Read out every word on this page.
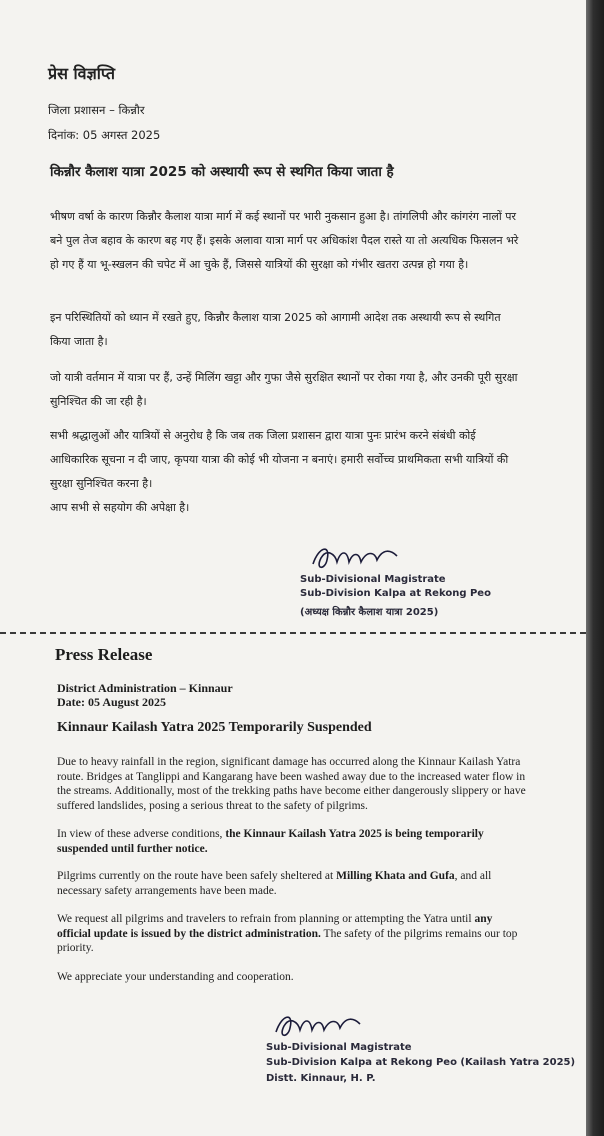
प्रेस विज्ञप्ति
जिला प्रशासन – किन्नौर
दिनांक: 05 अगस्त 2025
किन्नौर कैलाश यात्रा 2025 को अस्थायी रूप से स्थगित किया जाता है
भीषण वर्षा के कारण किन्नौर कैलाश यात्रा मार्ग में कई स्थानों पर भारी नुकसान हुआ है। तांगलिपी और कांगरंग नालों पर बने पुल तेज बहाव के कारण बह गए हैं। इसके अलावा यात्रा मार्ग पर अधिकांश पैदल रास्ते या तो अत्यधिक फिसलन भरे हो गए हैं या भू-स्खलन की चपेट में आ चुके हैं, जिससे यात्रियों की सुरक्षा को गंभीर खतरा उत्पन्न हो गया है।
इन परिस्थितियों को ध्यान में रखते हुए, किन्नौर कैलाश यात्रा 2025 को आगामी आदेश तक अस्थायी रूप से स्थगित किया जाता है।
जो यात्री वर्तमान में यात्रा पर हैं, उन्हें मिलिंग खट्टा और गुफा जैसे सुरक्षित स्थानों पर रोका गया है, और उनकी पूरी सुरक्षा सुनिश्चित की जा रही है।
सभी श्रद्धालुओं और यात्रियों से अनुरोध है कि जब तक जिला प्रशासन द्वारा यात्रा पुनः प्रारंभ करने संबंधी कोई आधिकारिक सूचना न दी जाए, कृपया यात्रा की कोई भी योजना न बनाएं। हमारी सर्वोच्च प्राथमिकता सभी यात्रियों की सुरक्षा सुनिश्चित करना है।
आप सभी से सहयोग की अपेक्षा है।
Sub-Divisional Magistrate
Sub-Division Kalpa at Rekong Peo
(अध्यक्ष किन्नौर कैलाश यात्रा 2025)
Press Release
District Administration – Kinnaur
Date: 05 August 2025
Kinnaur Kailash Yatra 2025 Temporarily Suspended
Due to heavy rainfall in the region, significant damage has occurred along the Kinnaur Kailash Yatra route. Bridges at Tanglippi and Kangarang have been washed away due to the increased water flow in the streams. Additionally, most of the trekking paths have become either dangerously slippery or have suffered landslides, posing a serious threat to the safety of pilgrims.
In view of these adverse conditions, the Kinnaur Kailash Yatra 2025 is being temporarily suspended until further notice.
Pilgrims currently on the route have been safely sheltered at Milling Khata and Gufa, and all necessary safety arrangements have been made.
We request all pilgrims and travelers to refrain from planning or attempting the Yatra until any official update is issued by the district administration. The safety of the pilgrims remains our top priority.
We appreciate your understanding and cooperation.
Sub-Divisional Magistrate
Sub-Division Kalpa at Rekong Peo (Kailash Yatra 2025)
Distt. Kinnaur, H. P.
